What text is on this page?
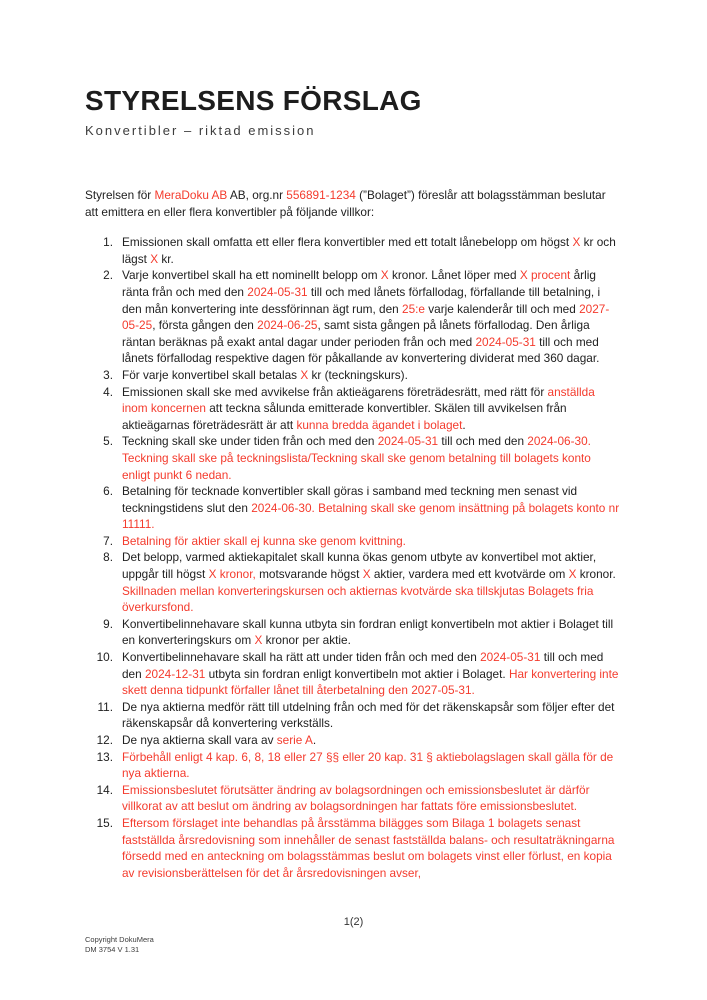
STYRELSENS FÖRSLAG
Konvertibler – riktad emission

Styrelsen för MeraDoku AB AB, org.nr 556891-1234 (”Bolaget”) föreslår att bolagsstämman beslutar att emittera en eller flera konvertibler på följande villkor:

1. Emissionen skall omfatta ett eller flera konvertibler med ett totalt lånebelopp om högst X kr och lägst X kr.
2. Varje konvertibel skall ha ett nominellt belopp om X kronor. Lånet löper med X procent årlig ränta från och med den 2024-05-31 till och med lånets förfallodag, förfallande till betalning, i den mån konvertering inte dessförinnan ägt rum, den 25:e varje kalenderår till och med 2027-05-25, första gången den 2024-06-25, samt sista gången på lånets förfallodag. Den årliga räntan beräknas på exakt antal dagar under perioden från och med 2024-05-31 till och med lånets förfallodag respektive dagen för påkallande av konvertering dividerat med 360 dagar.
3. För varje konvertibel skall betalas X kr (teckningskurs).
4. Emissionen skall ske med avvikelse från aktieägarens företrädesrätt, med rätt för anställda inom koncernen att teckna sålunda emitterade konvertibler. Skälen till avvikelsen från aktieägarnas företrädesrätt är att kunna bredda ägandet i bolaget.
5. Teckning skall ske under tiden från och med den 2024-05-31 till och med den 2024-06-30. Teckning skall ske på teckningslista/Teckning skall ske genom betalning till bolagets konto enligt punkt 6 nedan.
6. Betalning för tecknade konvertibler skall göras i samband med teckning men senast vid teckningstidens slut den 2024-06-30. Betalning skall ske genom insättning på bolagets konto nr 11111.
7. Betalning för aktier skall ej kunna ske genom kvittning.
8. Det belopp, varmed aktiekapitalet skall kunna ökas genom utbyte av konvertibel mot aktier, uppgår till högst X kronor, motsvarande högst X aktier, vardera med ett kvotvärde om X kronor. Skillnaden mellan konverteringskursen och aktiernas kvotvärde ska tillskjutas Bolagets fria överkursfond.
9. Konvertibelinnehavare skall kunna utbyta sin fordran enligt konvertibeln mot aktier i Bolaget till en konverteringskurs om X kronor per aktie.
10. Konvertibelinnehavare skall ha rätt att under tiden från och med den 2024-05-31 till och med den 2024-12-31 utbyta sin fordran enligt konvertibeln mot aktier i Bolaget. Har konvertering inte skett denna tidpunkt förfaller lånet till återbetalning den 2027-05-31.
11. De nya aktierna medför rätt till utdelning från och med för det räkenskapsår som följer efter det räkenskapsår då konvertering verkställs.
12. De nya aktierna skall vara av serie A.
13. Förbehåll enligt 4 kap. 6, 8, 18 eller 27 §§ eller 20 kap. 31 § aktiebolagslagen skall gälla för de nya aktierna.
14. Emissionsbeslutet förutsätter ändring av bolagsordningen och emissionsbeslutet är därför villkorat av att beslut om ändring av bolagsordningen har fattats före emissionsbeslutet.
15. Eftersom förslaget inte behandlas på årsstämma bilägges som Bilaga 1 bolagets senast fastställda årsredovisning som innehåller de senast fastställda balans- och resultaträkningarna försedd med en anteckning om bolagsstämmas beslut om bolagets vinst eller förlust, en kopia av revisionsberättelsen för det år årsredovisningen avser,
1(2)
Copyright DokuMera
DM 3754 V 1.31
